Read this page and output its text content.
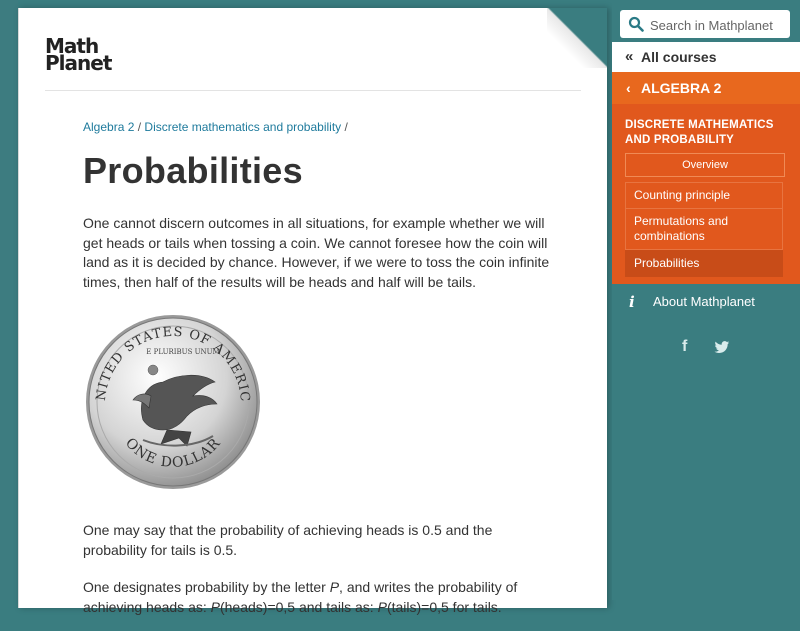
Math
Planet
Algebra 2 / Discrete mathematics and probability /
Probabilities

One cannot discern outcomes in all situations, for example whether we will get heads or tails when tossing a coin. We cannot foresee how the coin will land as it is decided by chance. However, if we were to toss the coin infinite times, then half of the results will be heads and half will be tails.

NITED STATES OF AMERIC
E PLURIBUS UNUM
ONE DOLLAR

One may say that the probability of achieving heads is 0.5 and the probability for tails is 0.5.

One designates probability by the letter P, and writes the probability of achieving heads as: P(heads)=0,5 and tails as: P(tails)=0,5 for tails.

Search in Mathplanet
« All courses
‹ ALGEBRA 2
DISCRETE MATHEMATICS AND PROBABILITY
Overview
Counting principle
Permutations and combinations
Probabilities
i About Mathplanet
f
